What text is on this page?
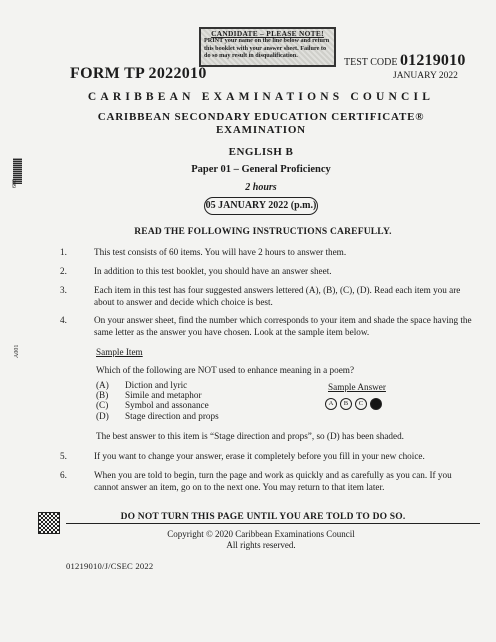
CANDIDATE – PLEASE NOTE!
PRINT your name on the line below and return this booklet with your answer sheet. Failure to do so may result in disqualification.
FORM TP 2022010
TEST CODE 01219010
JANUARY 2022
CARIBBEAN EXAMINATIONS COUNCIL
CARIBBEAN SECONDARY EDUCATION CERTIFICATE®
EXAMINATION
ENGLISH B
Paper 01 – General Proficiency
2 hours
05 JANUARY 2022 (p.m.)
READ THE FOLLOWING INSTRUCTIONS CAREFULLY.
1.	This test consists of 60 items. You will have 2 hours to answer them.
2.	In addition to this test booklet, you should have an answer sheet.
3.	Each item in this test has four suggested answers lettered (A), (B), (C), (D). Read each item you are about to answer and decide which choice is best.
4.	On your answer sheet, find the number which corresponds to your item and shade the space having the same letter as the answer you have chosen. Look at the sample item below.
Sample Item
Which of the following are NOT used to enhance meaning in a poem?
(A)	Diction and lyric
(B)	Simile and metaphor
(C)	Symbol and assonance
(D)	Stage direction and props
Sample Answer
A	B	C	D
The best answer to this item is “Stage direction and props”, so (D) has been shaded.
5.	If you want to change your answer, erase it completely before you fill in your new choice.
6.	When you are told to begin, turn the page and work as quickly and as carefully as you can. If you cannot answer an item, go on to the next one. You may return to that item later.
DO NOT TURN THIS PAGE UNTIL YOU ARE TOLD TO DO SO.
Copyright © 2020 Caribbean Examinations Council
All rights reserved.
01219010/J/CSEC 2022
605
A001
